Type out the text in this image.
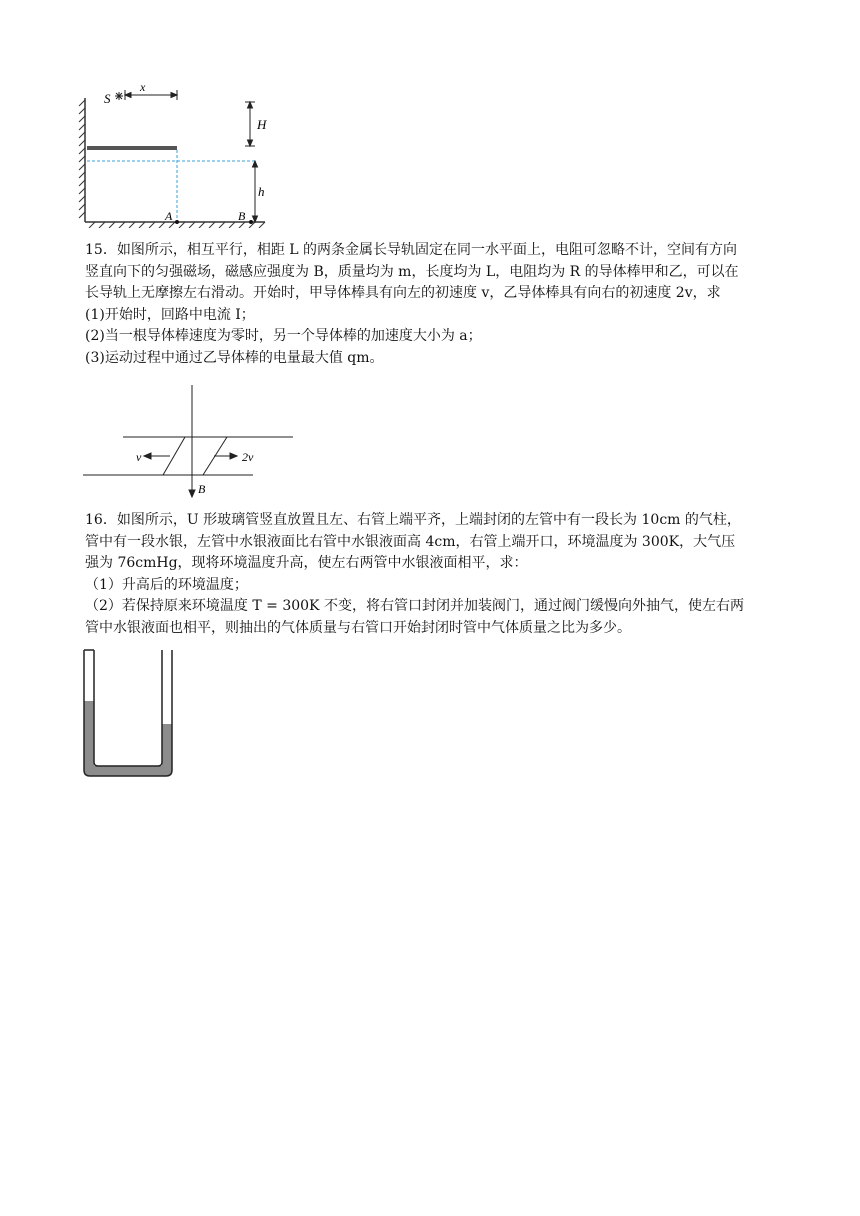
S
x
H
h
A	B
15．如图所示，相互平行，相距 L 的两条金属长导轨固定在同一水平面上，电阻可忽略不计，空间有方向
竖直向下的匀强磁场，磁感应强度为 B，质量均为 m，长度均为 L，电阻均为 R 的导体棒甲和乙，可以在
长导轨上无摩擦左右滑动。开始时，甲导体棒具有向左的初速度 v，乙导体棒具有向右的初速度 2v，求
(1)开始时，回路中电流 I；
(2)当一根导体棒速度为零时，另一个导体棒的加速度大小为 a；
(3)运动过程中通过乙导体棒的电量最大值 qm。
v	2v
B
16．如图所示，U 形玻璃管竖直放置且左、右管上端平齐，上端封闭的左管中有一段长为 10cm 的气柱，
管中有一段水银，左管中水银液面比右管中水银液面高 4cm，右管上端开口，环境温度为 300K，大气压
强为 76cmHg，现将环境温度升高，使左右两管中水银液面相平，求：
（1）升高后的环境温度；
（2）若保持原来环境温度 T = 300K 不变，将右管口封闭并加装阀门，通过阀门缓慢向外抽气，使左右两
管中水银液面也相平，则抽出的气体质量与右管口开始封闭时管中气体质量之比为多少。
